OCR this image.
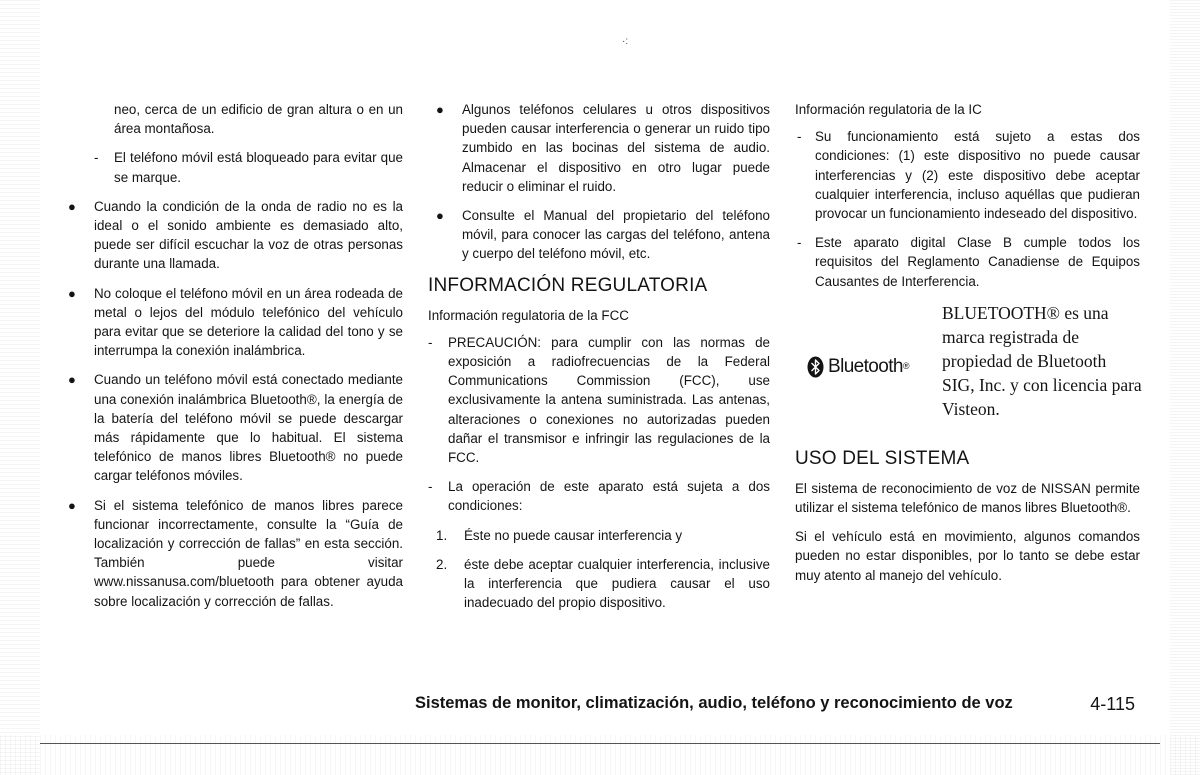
·:

neo, cerca de un edificio de gran altura o en un área montañosa.

- El teléfono móvil está bloqueado para evitar que se marque.

● Cuando la condición de la onda de radio no es la ideal o el sonido ambiente es demasiado alto, puede ser difícil escuchar la voz de otras personas durante una llamada.

● No coloque el teléfono móvil en un área rodeada de metal o lejos del módulo telefónico del vehículo para evitar que se deteriore la calidad del tono y se interrumpa la conexión inalámbrica.

● Cuando un teléfono móvil está conectado mediante una conexión inalámbrica Bluetooth®, la energía de la batería del teléfono móvil se puede descargar más rápidamente que lo habitual. El sistema telefónico de manos libres Bluetooth® no puede cargar teléfonos móviles.

● Si el sistema telefónico de manos libres parece funcionar incorrectamente, consulte la “Guía de localización y corrección de fallas” en esta sección. También puede visitar www.nissanusa.com/bluetooth para obtener ayuda sobre localización y corrección de fallas.

● Algunos teléfonos celulares u otros dispositivos pueden causar interferencia o generar un ruido tipo zumbido en las bocinas del sistema de audio. Almacenar el dispositivo en otro lugar puede reducir o eliminar el ruido.

● Consulte el Manual del propietario del teléfono móvil, para conocer las cargas del teléfono, antena y cuerpo del teléfono móvil, etc.

INFORMACIÓN REGULATORIA

Información regulatoria de la FCC

- PRECAUCIÓN: para cumplir con las normas de exposición a radiofrecuencias de la Federal Communications Commission (FCC), use exclusivamente la antena suministrada. Las antenas, alteraciones o conexiones no autorizadas pueden dañar el transmisor e infringir las regulaciones de la FCC.

- La operación de este aparato está sujeta a dos condiciones:

1. Éste no puede causar interferencia y

2. éste debe aceptar cualquier interferencia, inclusive la interferencia que pudiera causar el uso inadecuado del propio dispositivo.

Información regulatoria de la IC

- Su funcionamiento está sujeto a estas dos condiciones: (1) este dispositivo no puede causar interferencias y (2) este dispositivo debe aceptar cualquier interferencia, incluso aquéllas que pudieran provocar un funcionamiento indeseado del dispositivo.

- Este aparato digital Clase B cumple todos los requisitos del Reglamento Canadiense de Equipos Causantes de Interferencia.

Bluetooth ®

BLUETOOTH® es una marca registrada de propiedad de Bluetooth SIG, Inc. y con licencia para Visteon.

USO DEL SISTEMA

El sistema de reconocimiento de voz de NISSAN permite utilizar el sistema telefónico de manos libres Bluetooth®.

Si el vehículo está en movimiento, algunos comandos pueden no estar disponibles, por lo tanto se debe estar muy atento al manejo del vehículo.

Sistemas de monitor, climatización, audio, teléfono y reconocimiento de voz	4-115
